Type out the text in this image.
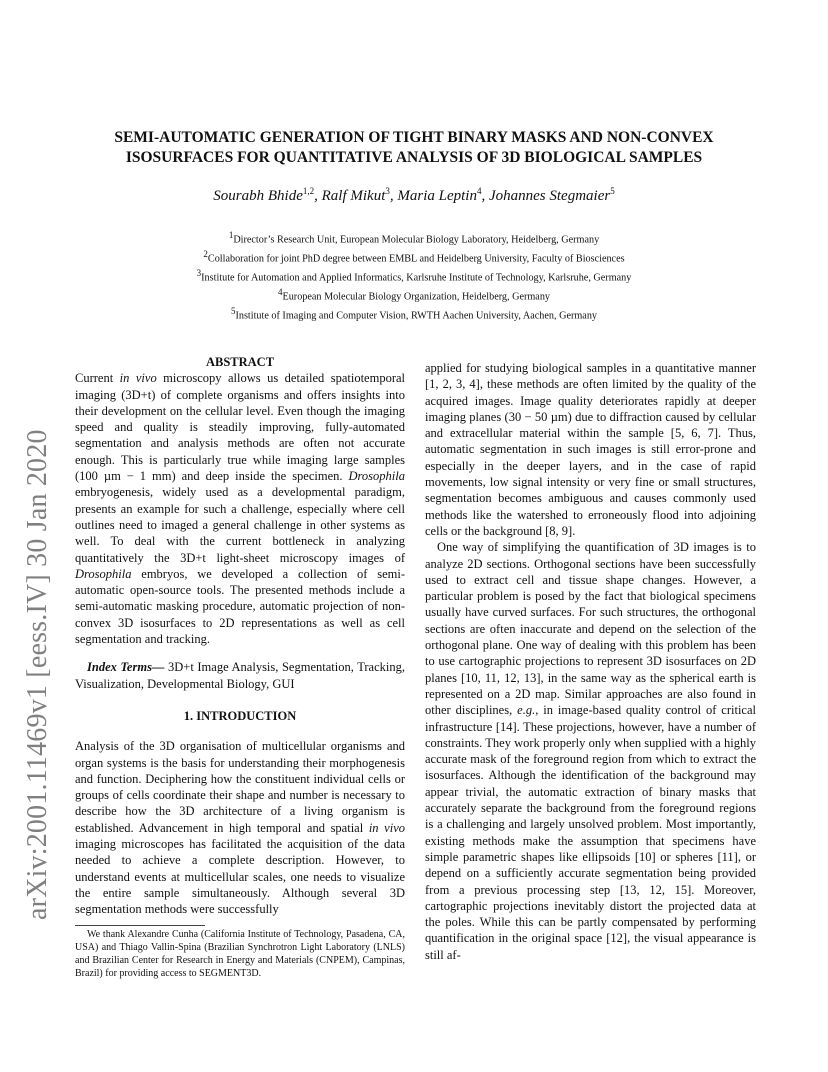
arXiv:2001.11469v1 [eess.IV] 30 Jan 2020
SEMI-AUTOMATIC GENERATION OF TIGHT BINARY MASKS AND NON-CONVEX
ISOSURFACES FOR QUANTITATIVE ANALYSIS OF 3D BIOLOGICAL SAMPLES
Sourabh Bhide$^{1,2}$, Ralf Mikut$^3$, Maria Leptin$^4$, Johannes Stegmaier$^5$
$^1$Director’s Research Unit, European Molecular Biology Laboratory, Heidelberg, Germany
$^2$Collaboration for joint PhD degree between EMBL and Heidelberg University, Faculty of Biosciences
$^3$Institute for Automation and Applied Informatics, Karlsruhe Institute of Technology, Karlsruhe, Germany
$^4$European Molecular Biology Organization, Heidelberg, Germany
$^5$Institute of Imaging and Computer Vision, RWTH Aachen University, Aachen, Germany

ABSTRACT

Current in vivo microscopy allows us detailed spatiotemporal imaging (3D+t) of complete organisms and offers insights into their development on the cellular level. Even though the imaging speed and quality is steadily improving, fully-automated segmentation and analysis methods are often not accurate enough. This is particularly true while imaging large samples (100 µm − 1 mm) and deep inside the specimen. Drosophila embryogenesis, widely used as a developmental paradigm, presents an example for such a challenge, especially where cell outlines need to imaged a general challenge in other systems as well. To deal with the current bottleneck in analyzing quantitatively the 3D+t light-sheet microscopy images of Drosophila embryos, we developed a collection of semi-automatic open-source tools. The presented methods include a semi-automatic masking procedure, automatic projection of non-convex 3D isosurfaces to 2D representations as well as cell segmentation and tracking.

Index Terms— 3D+t Image Analysis, Segmentation, Tracking, Visualization, Developmental Biology, GUI

1. INTRODUCTION

Analysis of the 3D organisation of multicellular organisms and organ systems is the basis for understanding their morphogenesis and function. Deciphering how the constituent individual cells or groups of cells coordinate their shape and number is necessary to describe how the 3D architecture of a living organism is established. Advancement in high temporal and spatial in vivo imaging microscopes has facilitated the acquisition of the data needed to achieve a complete description. However, to understand events at multicellular scales, one needs to visualize the entire sample simultaneously. Although several 3D segmentation methods were successfully

We thank Alexandre Cunha (California Institute of Technology, Pasadena, CA, USA) and Thiago Vallin-Spina (Brazilian Synchrotron Light Laboratory (LNLS) and Brazilian Center for Research in Energy and Materials (CNPEM), Campinas, Brazil) for providing access to SEGMENT3D.

applied for studying biological samples in a quantitative manner [1, 2, 3, 4], these methods are often limited by the quality of the acquired images. Image quality deteriorates rapidly at deeper imaging planes (30 − 50 µm) due to diffraction caused by cellular and extracellular material within the sample [5, 6, 7]. Thus, automatic segmentation in such images is still error-prone and especially in the deeper layers, and in the case of rapid movements, low signal intensity or very fine or small structures, segmentation becomes ambiguous and causes commonly used methods like the watershed to erroneously flood into adjoining cells or the background [8, 9].

One way of simplifying the quantification of 3D images is to analyze 2D sections. Orthogonal sections have been successfully used to extract cell and tissue shape changes. However, a particular problem is posed by the fact that biological specimens usually have curved surfaces. For such structures, the orthogonal sections are often inaccurate and depend on the selection of the orthogonal plane. One way of dealing with this problem has been to use cartographic projections to represent 3D isosurfaces on 2D planes [10, 11, 12, 13], in the same way as the spherical earth is represented on a 2D map. Similar approaches are also found in other disciplines, e.g., in image-based quality control of critical infrastructure [14]. These projections, however, have a number of constraints. They work properly only when supplied with a highly accurate mask of the foreground region from which to extract the isosurfaces. Although the identification of the background may appear trivial, the automatic extraction of binary masks that accurately separate the background from the foreground regions is a challenging and largely unsolved problem. Most importantly, existing methods make the assumption that specimens have simple parametric shapes like ellipsoids [10] or spheres [11], or depend on a sufficiently accurate segmentation being provided from a previous processing step [13, 12, 15]. Moreover, cartographic projections inevitably distort the projected data at the poles. While this can be partly compensated by performing quantification in the original space [12], the visual appearance is still af-
